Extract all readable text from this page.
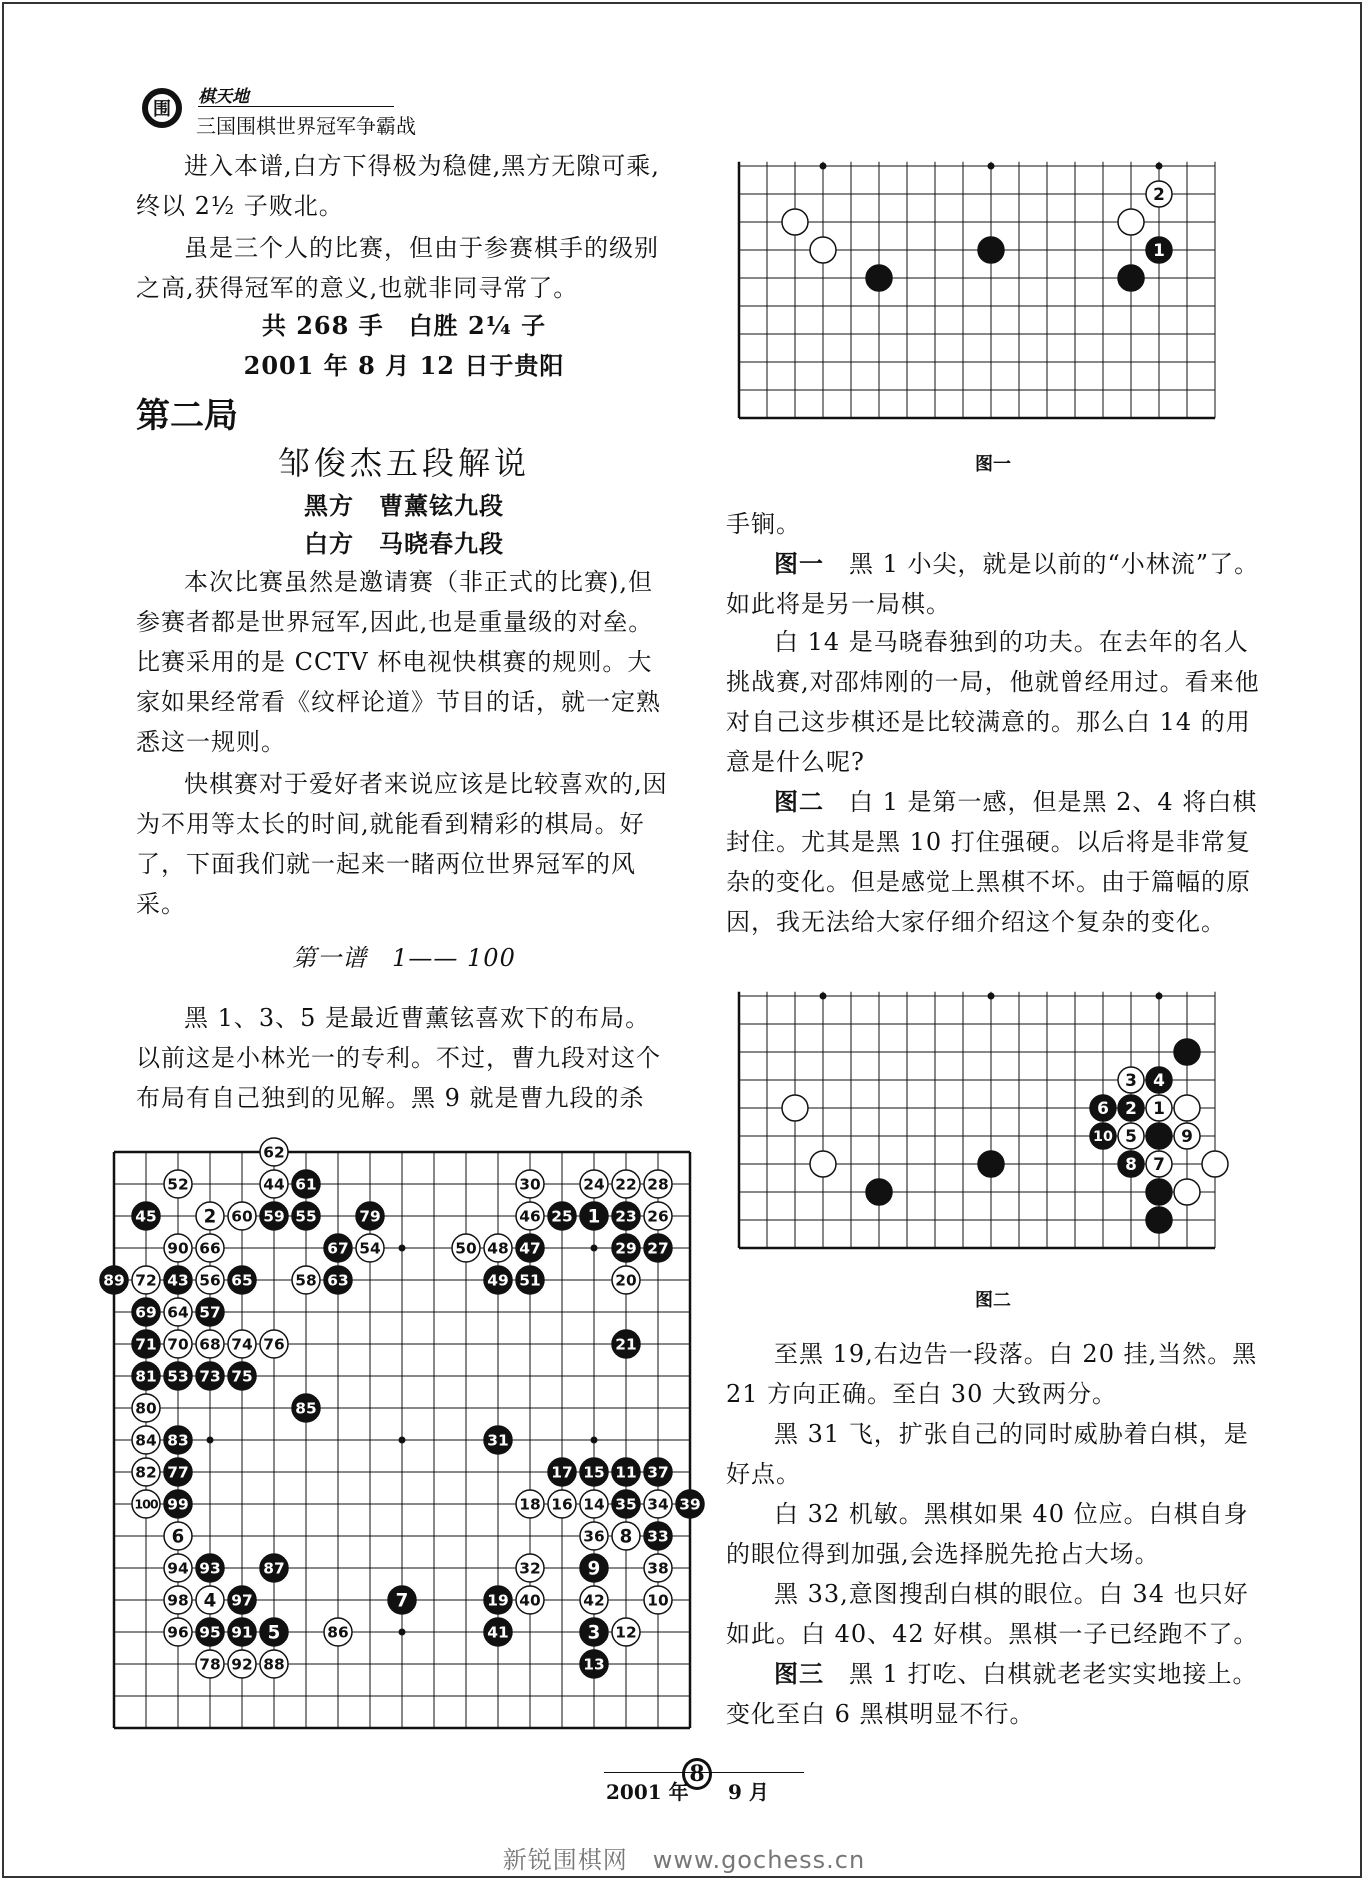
围
棋天地
三国围棋世界冠军争霸战
进入本谱,白方下得极为稳健,黑方无隙可乘,终以 2½ 子败北。
虽是三个人的比赛，但由于参赛棋手的级别之高,获得冠军的意义,也就非同寻常了。
共 268 手　白胜 2¼ 子
2001 年 8 月 12 日于贵阳
第二局
邹俊杰五段解说
黑方　曹薰铉九段
白方　马晓春九段
本次比赛虽然是邀请赛（非正式的比赛),但参赛者都是世界冠军,因此,也是重量级的对垒。比赛采用的是 CCTV 杯电视快棋赛的规则。大家如果经常看《纹枰论道》节目的话，就一定熟悉这一规则。
快棋赛对于爱好者来说应该是比较喜欢的,因为不用等太长的时间,就能看到精彩的棋局。好了，下面我们就一起来一睹两位世界冠军的风采。
第一谱　1—— 100
黑 1、3、5 是最近曹薰铉喜欢下的布局。以前这是小林光一的专利。不过，曹九段对这个布局有自己独到的见解。黑 9 就是曹九段的杀
图一
手锏。
图一　黑 1 小尖，就是以前的“小林流”了。如此将是另一局棋。
白 14 是马晓春独到的功夫。在去年的名人挑战赛,对邵炜刚的一局，他就曾经用过。看来他对自己这步棋还是比较满意的。那么白 14 的用意是什么呢?
图二　白 1 是第一感，但是黑 2、4 将白棋封住。尤其是黑 10 打住强硬。以后将是非常复杂的变化。但是感觉上黑棋不坏。由于篇幅的原因，我无法给大家仔细介绍这个复杂的变化。
图二
至黑 19,右边告一段落。白 20 挂,当然。黑 21 方向正确。至白 30 大致两分。
黑 31 飞，扩张自己的同时威胁着白棋，是好点。
白 32 机敏。黑棋如果 40 位应。白棋自身的眼位得到加强,会选择脱先抢占大场。
黑 33,意图搜刮白棋的眼位。白 34 也只好如此。白 40、42 好棋。黑棋一子已经跑不了。
图三　黑 1 打吃、白棋就老老实实地接上。变化至白 6 黑棋明显不行。
2
1
3 4
6 2 1
10 5	9
8 7
62
52	44 61	30	24 22 28
45	2 60 59 55	79	46 25 1 23 26
90 66	67 54	50 48 47	29 27
89 72 43 56 65	58 63	49 51	20
69 64 57
71 70 68 74 76	21
81 53 73 75
80	85
84 83	31
82 77	17 15 11 37
100 99	18 16 14 35 34 39
6	36 8 33
94 93	87	32	9	38
98 4 97	7	19 40	42	10
96 95 91 5	86	41	3 12
78 92 88	13
2001 年
8
9 月
新锐围棋网　www.gochess.cn
